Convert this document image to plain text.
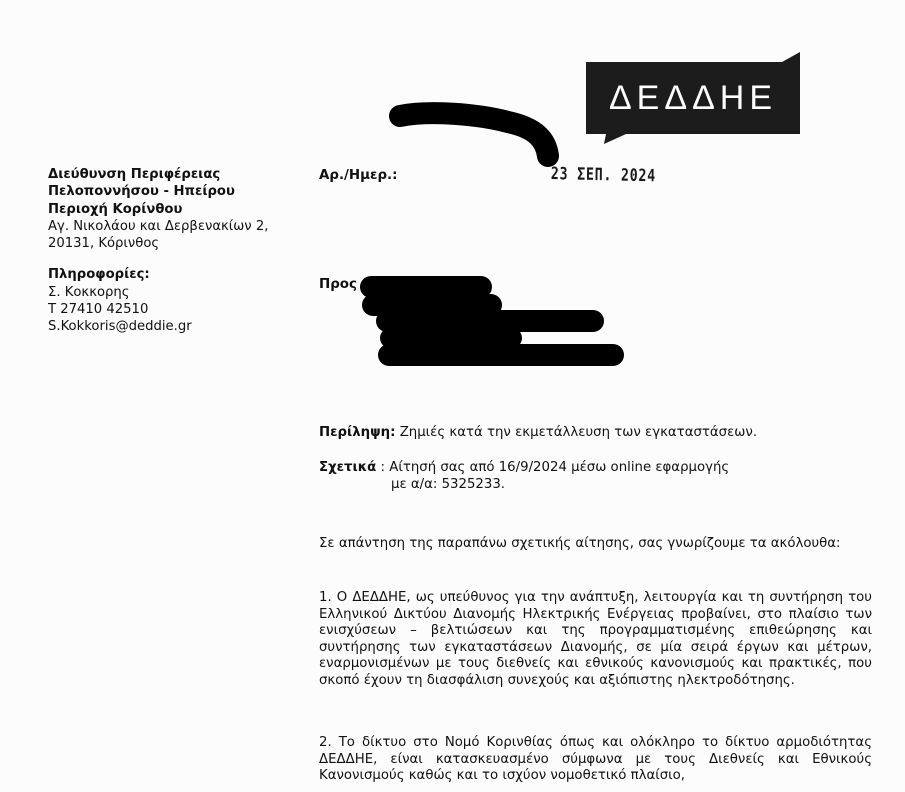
ΔΕΔΔΗΕ
Διεύθυνση Περιφέρειας
Πελοποννήσου - Ηπείρου
Περιοχή Κορίνθου
Αγ. Νικολάου και Δερβενακίων 2,
20131, Κόρινθος
Πληροφορίες:
Σ. Κοκκορης
Τ 27410 42510
S.Kokkoris@deddie.gr
Αρ./Ημερ.:	23 ΣΕΠ. 2024
Προς
Περίληψη: Ζημιές κατά την εκμετάλλευση των εγκαταστάσεων.
Σχετικά : Αίτησή σας από 16/9/2024 μέσω online εφαρμογής
με α/α: 5325233.
Σε απάντηση της παραπάνω σχετικής αίτησης, σας γνωρίζουμε τα ακόλουθα:
1. Ο ΔΕΔΔΗΕ, ως υπεύθυνος για την ανάπτυξη, λειτουργία και τη συντήρηση του Ελληνικού Δικτύου Διανομής Ηλεκτρικής Ενέργειας προβαίνει, στο πλαίσιο των ενισχύσεων – βελτιώσεων και της προγραμματισμένης επιθεώρησης και συντήρησης των εγκαταστάσεων Διανομής, σε μία σειρά έργων και μέτρων, εναρμονισμένων με τους διεθνείς και εθνικούς κανονισμούς και πρακτικές, που σκοπό έχουν τη διασφάλιση συνεχούς και αξιόπιστης ηλεκτροδότησης.
2. Το δίκτυο στο Νομό Κορινθίας όπως και ολόκληρο το δίκτυο αρμοδιότητας ΔΕΔΔΗΕ, είναι κατασκευασμένο σύμφωνα με τους Διεθνείς και Εθνικούς Κανονισμούς καθώς και το ισχύον νομοθετικό πλαίσιο,
